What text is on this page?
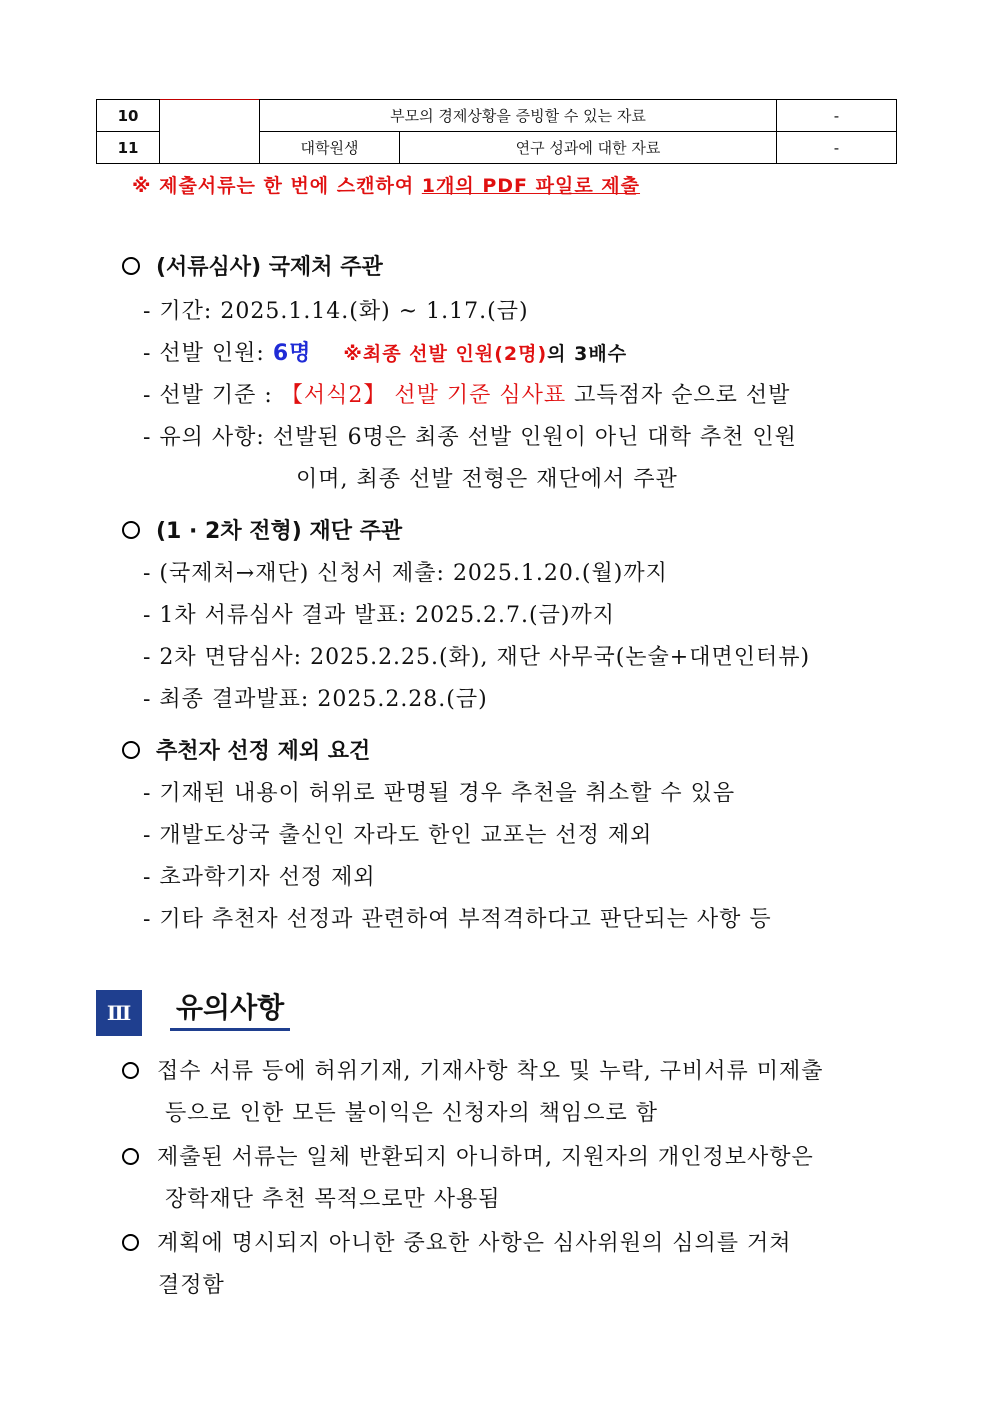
10		부모의 경제상황을 증빙할 수 있는 자료		-
11		대학원생	연구 성과에 대한 자료	-
※ 제출서류는 한 번에 스캔하여 1개의 PDF 파일로 제출
(서류심사) 국제처 주관
- 기간: 2025.1.14.(화) ~ 1.17.(금)
- 선발 인원: 6명 ※최종 선발 인원(2명)의 3배수
- 선발 기준 : 【서식2】 선발 기준 심사표 고득점자 순으로 선발
- 유의 사항: 선발된 6명은 최종 선발 인원이 아닌 대학 추천 인원
이며, 최종 선발 전형은 재단에서 주관
(1 · 2차 전형) 재단 주관
- (국제처→재단) 신청서 제출: 2025.1.20.(월)까지
- 1차 서류심사 결과 발표: 2025.2.7.(금)까지
- 2차 면담심사: 2025.2.25.(화), 재단 사무국(논술+대면인터뷰)
- 최종 결과발표: 2025.2.28.(금)
추천자 선정 제외 요건
- 기재된 내용이 허위로 판명될 경우 추천을 취소할 수 있음
- 개발도상국 출신인 자라도 한인 교포는 선정 제외
- 초과학기자 선정 제외
- 기타 추천자 선정과 관련하여 부적격하다고 판단되는 사항 등
Ⅲ	유의사항
접수 서류 등에 허위기재, 기재사항 착오 및 누락, 구비서류 미제출
등으로 인한 모든 불이익은 신청자의 책임으로 함
제출된 서류는 일체 반환되지 아니하며, 지원자의 개인정보사항은
장학재단 추천 목적으로만 사용됨
계획에 명시되지 아니한 중요한 사항은 심사위원의 심의를 거쳐
결정함
